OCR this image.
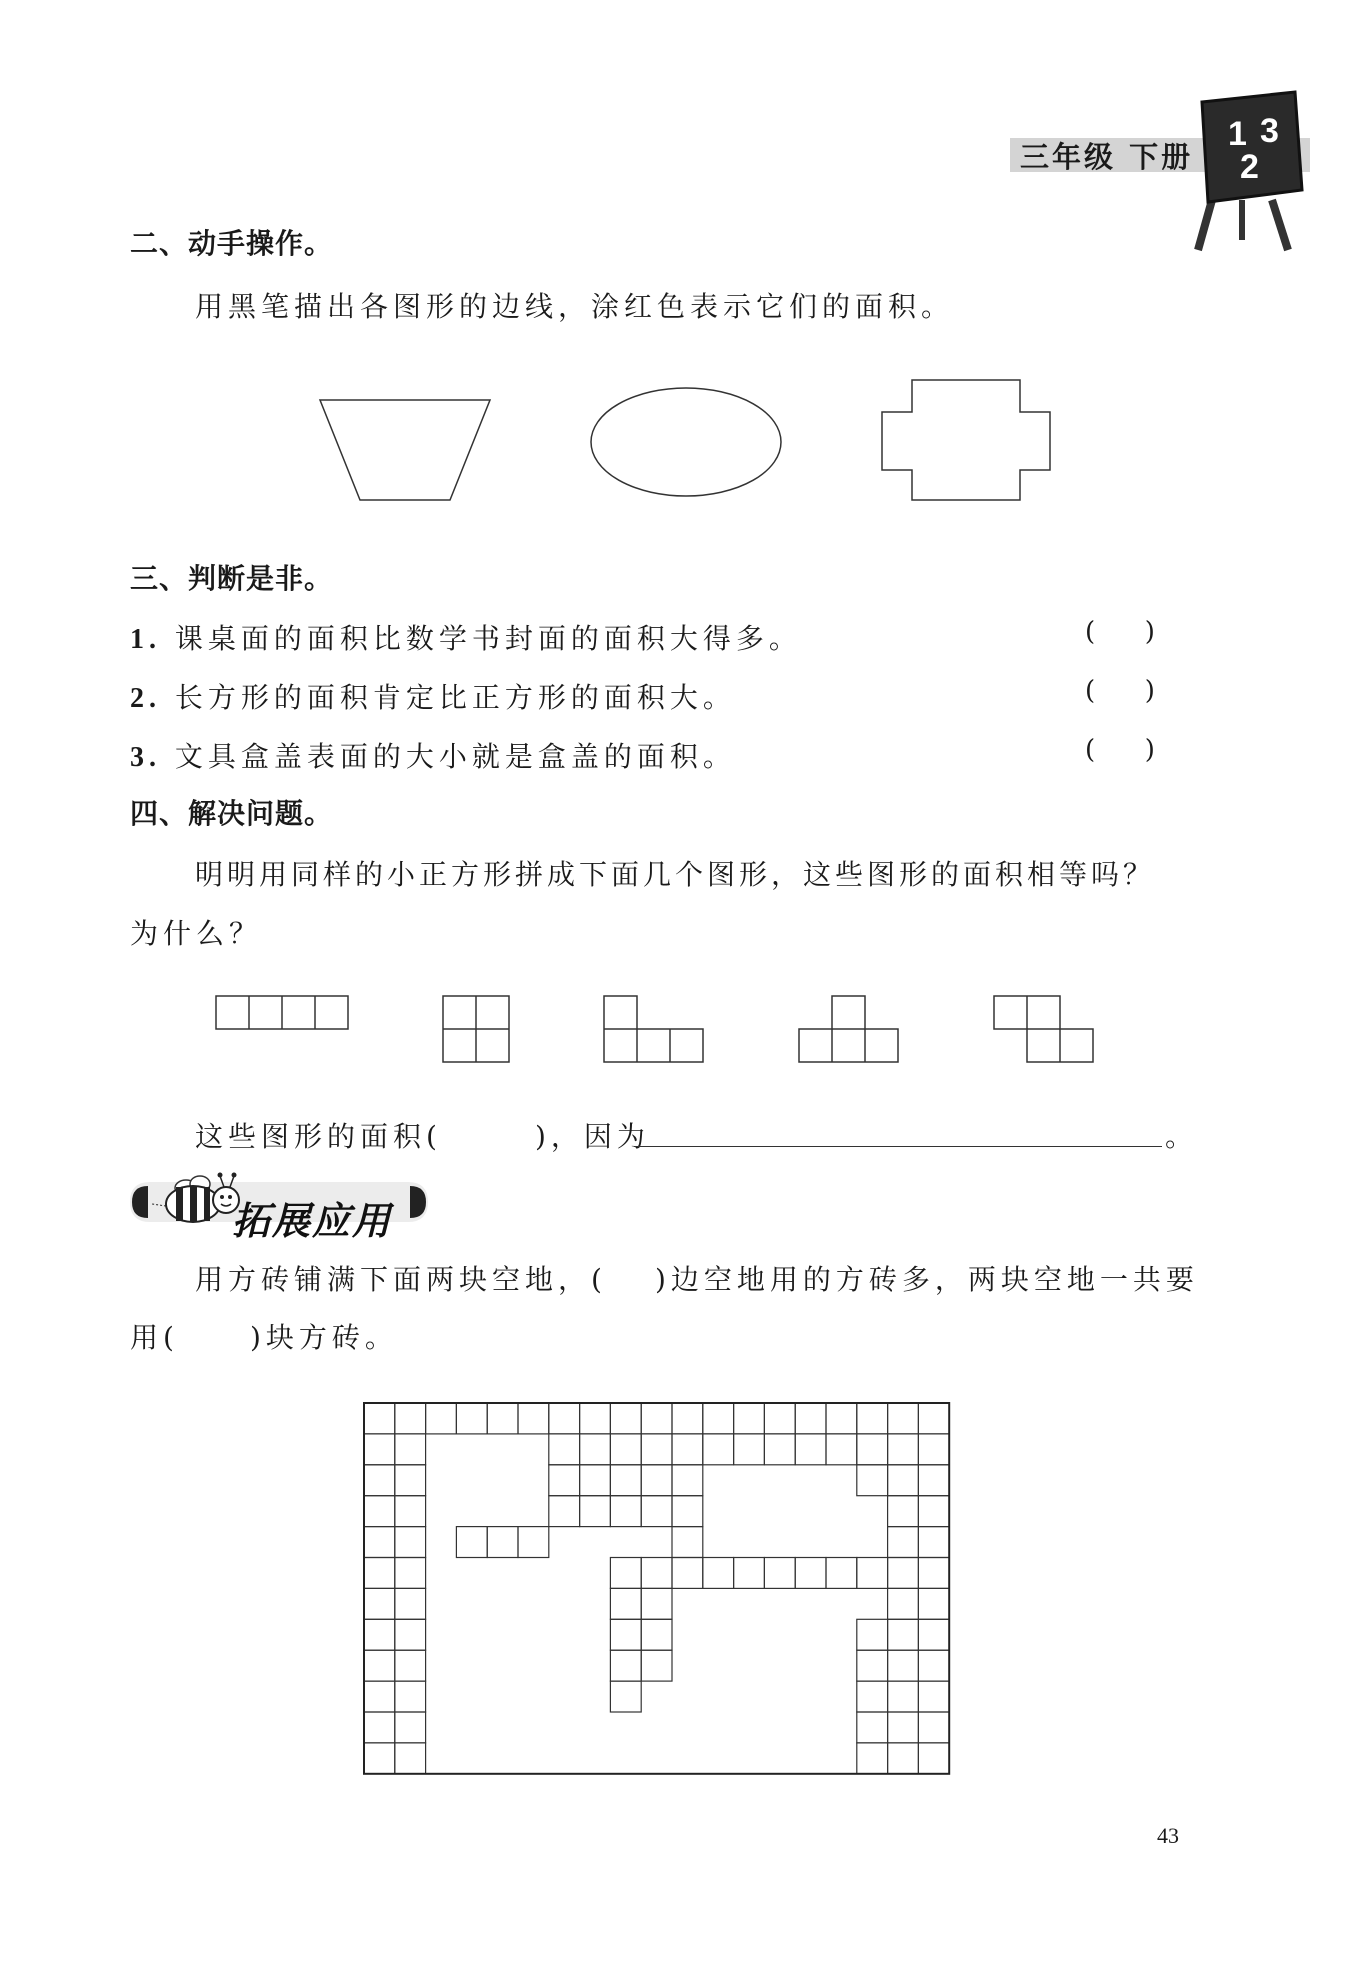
三年级 下册
1 3
2
二、动手操作。
用黑笔描出各图形的边线，涂红色表示它们的面积。
三、判断是非。
1. 课桌面的面积比数学书封面的面积大得多。	(      )
2. 长方形的面积肯定比正方形的面积大。	(      )
3. 文具盒盖表面的大小就是盒盖的面积。	(      )
四、解决问题。
明明用同样的小正方形拼成下面几个图形，这些图形的面积相等吗？
为什么？
这些图形的面积(	)，因为	。
拓展应用
用方砖铺满下面两块空地，( )边空地用的方砖多，两块空地一共要
用(	)块方砖。
43
